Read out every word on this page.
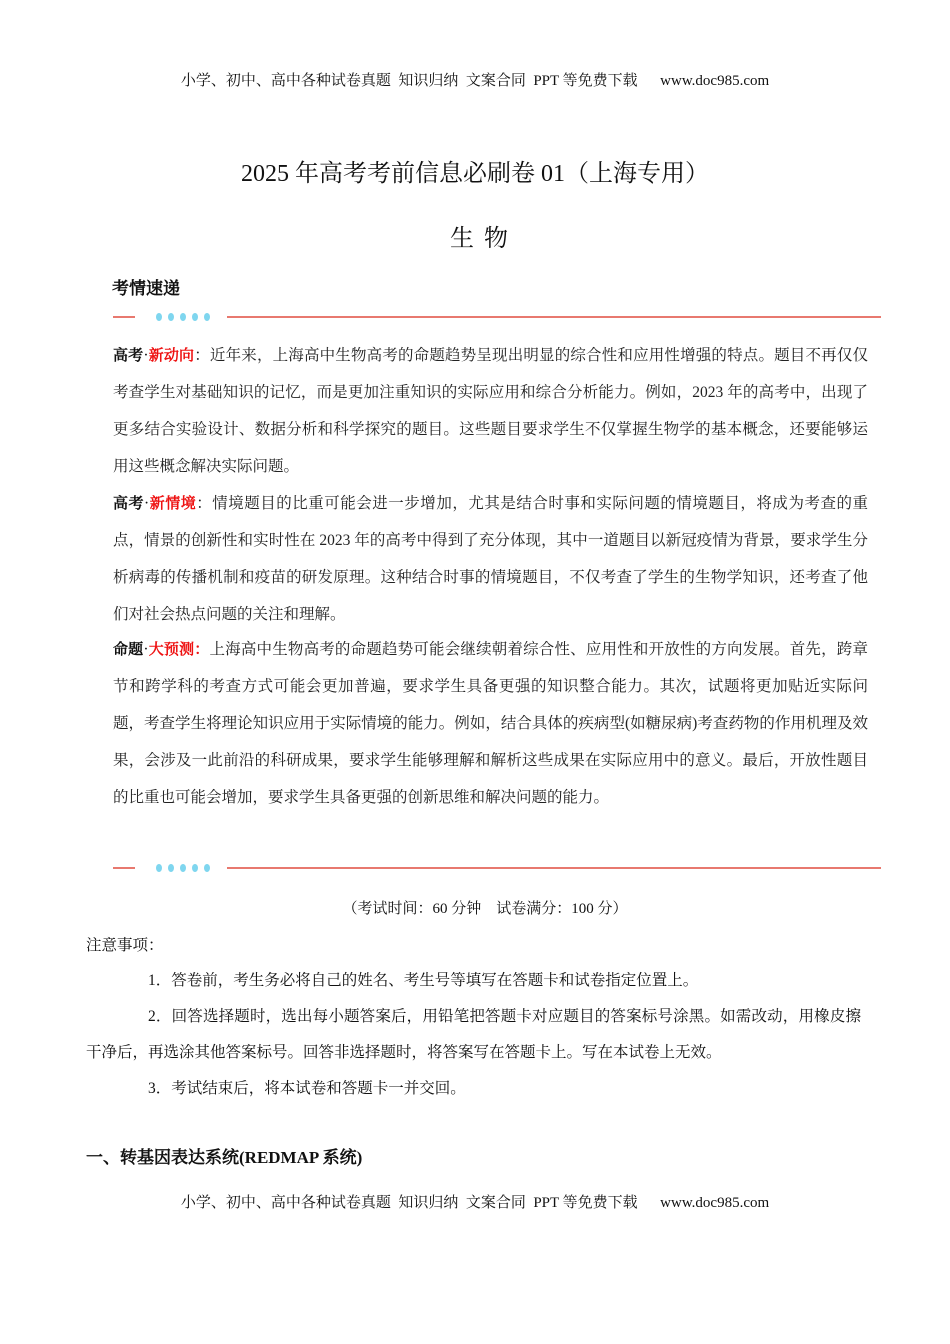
小学、初中、高中各种试卷真题  知识归纳  文案合同  PPT 等免费下载      www.doc985.com
2025 年高考考前信息必刷卷 01（上海专用）
生物
考情速递
高考·新动向：近年来，上海高中生物高考的命题趋势呈现出明显的综合性和应用性增强的特点。题目不再仅仅考查学生对基础知识的记忆，而是更加注重知识的实际应用和综合分析能力。例如，2023 年的高考中，出现了更多结合实验设计、数据分析和科学探究的题目。这些题目要求学生不仅掌握生物学的基本概念，还要能够运用这些概念解决实际问题。
高考·新情境：情境题目的比重可能会进一步增加，尤其是结合时事和实际问题的情境题目，将成为考查的重点，情景的创新性和实时性在 2023 年的高考中得到了充分体现，其中一道题目以新冠疫情为背景，要求学生分析病毒的传播机制和疫苗的研发原理。这种结合时事的情境题目，不仅考查了学生的生物学知识，还考查了他们对社会热点问题的关注和理解。
命题·大预测：上海高中生物高考的命题趋势可能会继续朝着综合性、应用性和开放性的方向发展。首先，跨章节和跨学科的考查方式可能会更加普遍，要求学生具备更强的知识整合能力。其次，试题将更加贴近实际问题，考查学生将理论知识应用于实际情境的能力。例如，结合具体的疾病型(如糖尿病)考查药物的作用机理及效果，会涉及一此前沿的科研成果，要求学生能够理解和解析这些成果在实际应用中的意义。最后，开放性题目的比重也可能会增加，要求学生具备更强的创新思维和解决问题的能力。
（考试时间：60 分钟    试卷满分：100 分）
注意事项：

1．答卷前，考生务必将自己的姓名、考生号等填写在答题卡和试卷指定位置上。

2．回答选择题时，选出每小题答案后，用铅笔把答题卡对应题目的答案标号涂黑。如需改动，用橡皮擦干净后，再选涂其他答案标号。回答非选择题时，将答案写在答题卡上。写在本试卷上无效。

3．考试结束后，将本试卷和答题卡一并交回。

一、转基因表达系统(REDMAP 系统)
小学、初中、高中各种试卷真题  知识归纳  文案合同  PPT 等免费下载      www.doc985.com
